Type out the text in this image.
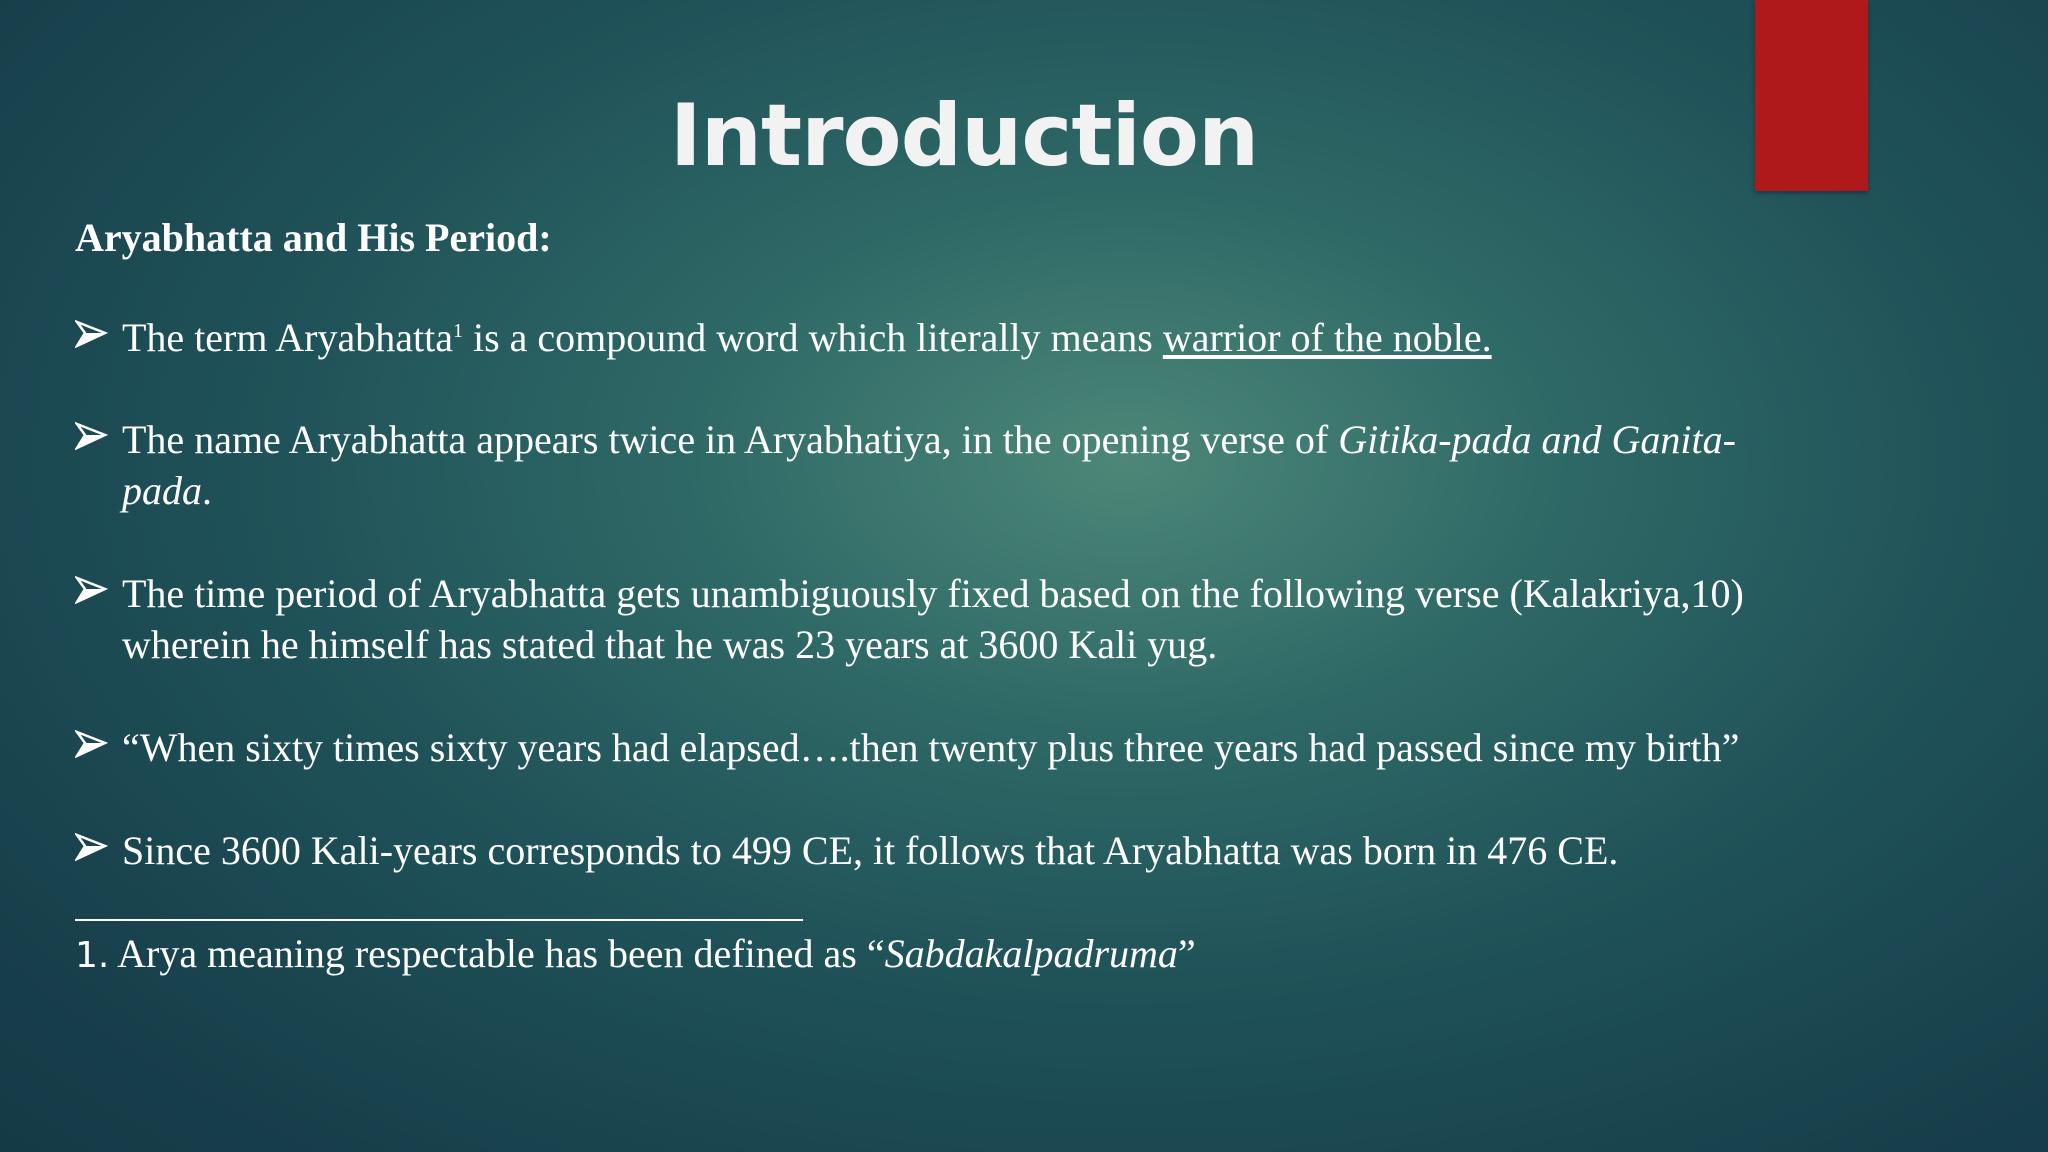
Introduction
Aryabhatta and His Period:
The term Aryabhatta$^1$ is a compound word which literally means warrior of the noble.
The name Aryabhatta appears twice in Aryabhatiya, in the opening verse of Gitika-pada and Ganita-pada.
The time period of Aryabhatta gets unambiguously fixed based on the following verse (Kalakriya,10) wherein he himself has stated that he was 23 years at 3600 Kali yug.
“When sixty times sixty years had elapsed….then twenty plus three years had passed since my birth”
Since 3600 Kali-years corresponds to 499 CE, it follows that Aryabhatta was born in 476 CE.
1. Arya meaning respectable has been defined as “Sabdakalpadruma”
